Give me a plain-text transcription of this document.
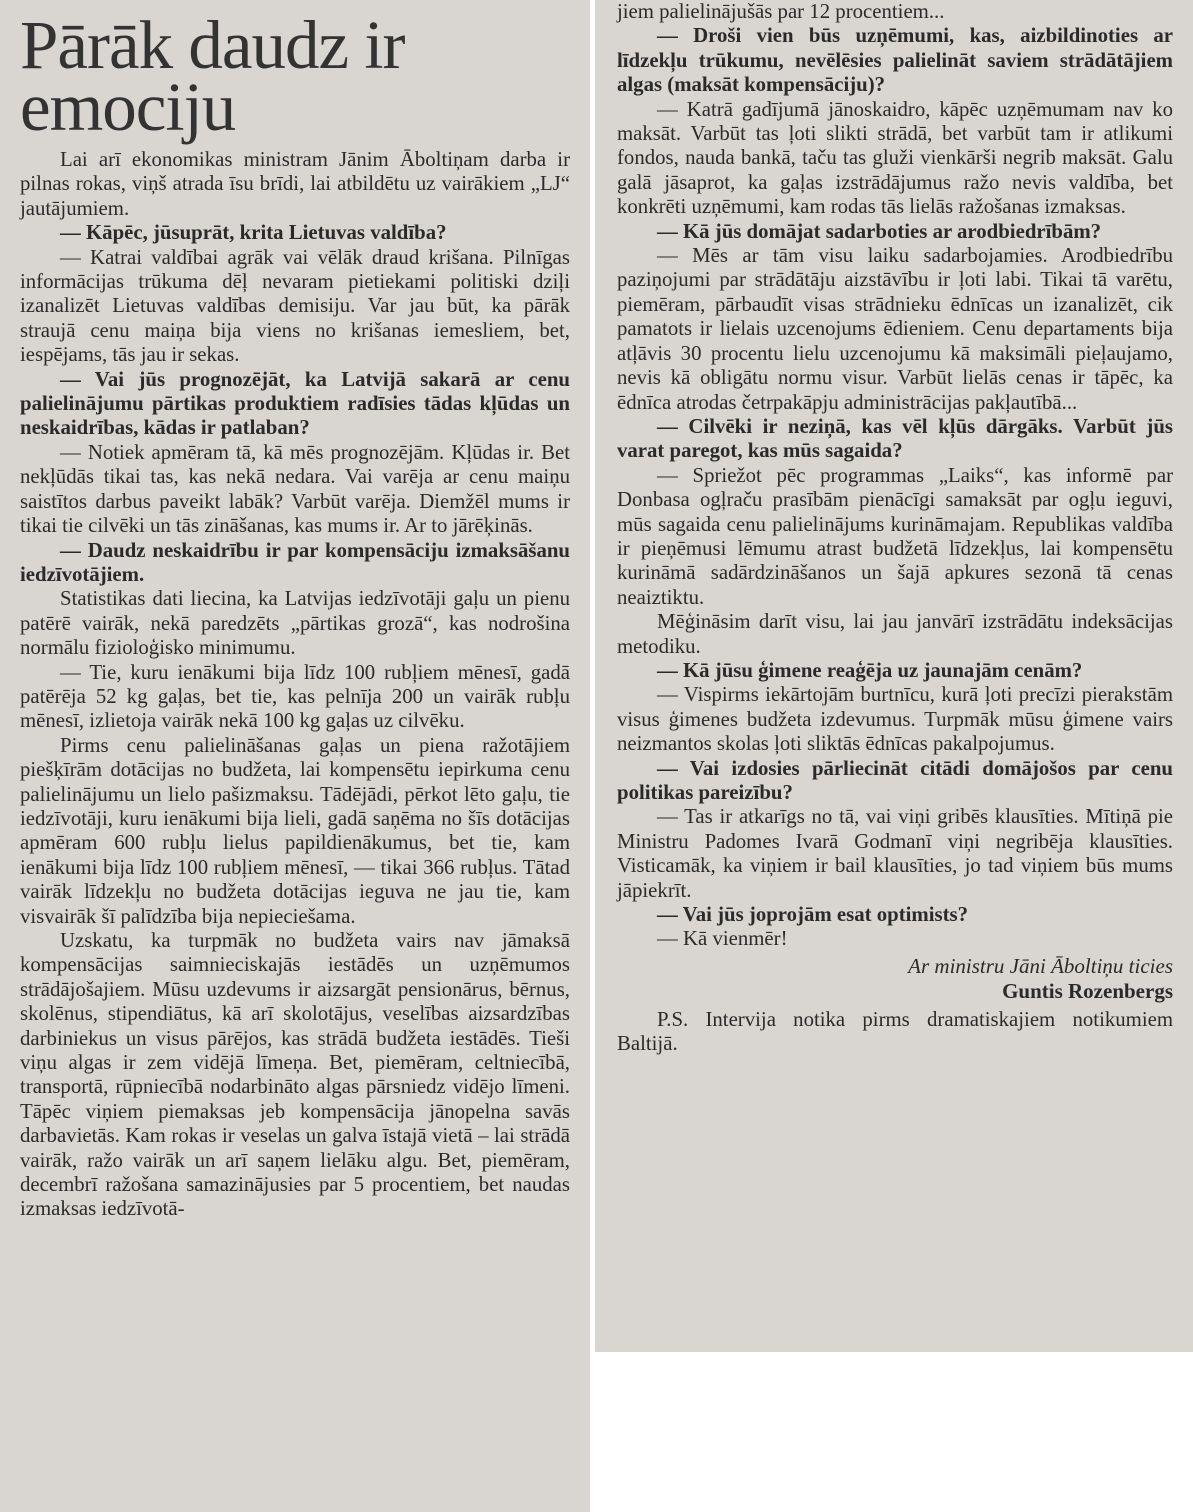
Pārāk daudz ir emociju

Lai arī ekonomikas ministram Jānim Āboltiņam darba ir pilnas rokas, viņš atrada īsu brīdi, lai atbildētu uz vairākiem „LJ“ jautājumiem.

— Kāpēc, jūsuprāt, krita Lietuvas valdība?

— Katrai valdībai agrāk vai vēlāk draud krišana. Pilnīgas informācijas trūkuma dēļ nevaram pietiekami politiski dziļi izanalizēt Lietuvas valdības demisiju. Var jau būt, ka pārāk straujā cenu maiņa bija viens no krišanas iemesliem, bet, iespējams, tās jau ir sekas.

— Vai jūs prognozējāt, ka Latvijā sakarā ar cenu palielinājumu pārtikas produktiem radīsies tādas kļūdas un neskaidrības, kādas ir patlaban?

— Notiek apmēram tā, kā mēs prognozējām. Kļūdas ir. Bet nekļūdās tikai tas, kas nekā nedara. Vai varēja ar cenu maiņu saistītos darbus paveikt labāk? Varbūt varēja. Diemžēl mums ir tikai tie cilvēki un tās zināšanas, kas mums ir. Ar to jārēķinās.

— Daudz neskaidrību ir par kompensāciju izmaksāšanu iedzīvotājiem.

Statistikas dati liecina, ka Latvijas iedzīvotāji gaļu un pienu patērē vairāk, nekā paredzēts „pārtikas grozā“, kas nodrošina normālu fizioloģisko minimumu.

— Tie, kuru ienākumi bija līdz 100 rubļiem mēnesī, gadā patērēja 52 kg gaļas, bet tie, kas pelnīja 200 un vairāk rubļu mēnesī, izlietoja vairāk nekā 100 kg gaļas uz cilvēku.

Pirms cenu palielināšanas gaļas un piena ražotājiem piešķīrām dotācijas no budžeta, lai kompensētu iepirkuma cenu palielinājumu un lielo pašizmaksu. Tādējādi, pērkot lēto gaļu, tie iedzīvotāji, kuru ienākumi bija lieli, gadā saņēma no šīs dotācijas apmēram 600 rubļu lielus papildienākumus, bet tie, kam ienākumi bija līdz 100 rubļiem mēnesī, — tikai 366 rubļus. Tātad vairāk līdzekļu no budžeta dotācijas ieguva ne jau tie, kam visvairāk šī palīdzība bija nepieciešama.

Uzskatu, ka turpmāk no budžeta vairs nav jāmaksā kompensācijas saimnieciskajās iestādēs un uzņēmumos strādājošajiem. Mūsu uzdevums ir aizsargāt pensionārus, bērnus, skolēnus, stipendiātus, kā arī skolotājus, veselības aizsardzības darbiniekus un visus pārējos, kas strādā budžeta iestādēs. Tieši viņu algas ir zem vidējā līmeņa. Bet, piemēram, celtniecībā, transportā, rūpniecībā nodarbināto algas pārsniedz vidējo līmeni. Tāpēc viņiem piemaksas jeb kompensācija jānopelna savās darbavietās. Kam rokas ir veselas un galva īstajā vietā – lai strādā vairāk, ražo vairāk un arī saņem lielāku algu. Bet, piemēram, decembrī ražošana samazinājusies par 5 procentiem, bet naudas izmaksas iedzīvotā-

jiem palielinājušās par 12 procentiem...

— Droši vien būs uzņēmumi, kas, aizbildinoties ar līdzekļu trūkumu, nevēlēsies palielināt saviem strādātājiem algas (maksāt kompensāciju)?

— Katrā gadījumā jānoskaidro, kāpēc uzņēmumam nav ko maksāt. Varbūt tas ļoti slikti strādā, bet varbūt tam ir atlikumi fondos, nauda bankā, taču tas gluži vienkārši negrib maksāt. Galu galā jāsaprot, ka gaļas izstrādājumus ražo nevis valdība, bet konkrēti uzņēmumi, kam rodas tās lielās ražošanas izmaksas.

— Kā jūs domājat sadarboties ar arodbiedrībām?

— Mēs ar tām visu laiku sadarbojamies. Arodbiedrību paziņojumi par strādātāju aizstāvību ir ļoti labi. Tikai tā varētu, piemēram, pārbaudīt visas strādnieku ēdnīcas un izanalizēt, cik pamatots ir lielais uzcenojums ēdieniem. Cenu departaments bija atļāvis 30 procentu lielu uzcenojumu kā maksimāli pieļaujamo, nevis kā obligātu normu visur. Varbūt lielās cenas ir tāpēc, ka ēdnīca atrodas četrpakāpju administrācijas pakļautībā...

— Cilvēki ir neziņā, kas vēl kļūs dārgāks. Varbūt jūs varat paregot, kas mūs sagaida?

— Spriežot pēc programmas „Laiks“, kas informē par Donbasa ogļraču prasībām pienācīgi samaksāt par ogļu ieguvi, mūs sagaida cenu palielinājums kurināmajam. Republikas valdība ir pieņēmusi lēmumu atrast budžetā līdzekļus, lai kompensētu kurināmā sadārdzināšanos un šajā apkures sezonā tā cenas neaiztiktu.

Mēģināsim darīt visu, lai jau janvārī izstrādātu indeksācijas metodiku.

— Kā jūsu ģimene reaģēja uz jaunajām cenām?

— Vispirms iekārtojām burtnīcu, kurā ļoti precīzi pierakstām visus ģimenes budžeta izdevumus. Turpmāk mūsu ģimene vairs neizmantos skolas ļoti sliktās ēdnīcas pakalpojumus.

— Vai izdosies pārliecināt citādi domājošos par cenu politikas pareizību?

— Tas ir atkarīgs no tā, vai viņi gribēs klausīties. Mītiņā pie Ministru Padomes Ivarā Godmanī viņi negribēja klausīties. Visticamāk, ka viņiem ir bail klausīties, jo tad viņiem būs mums jāpiekrīt.

— Vai jūs joprojām esat optimists?

— Kā vienmēr!

Ar ministru Jāni Āboltiņu ticies

Guntis Rozenbergs

P.S. Intervija notika pirms dramatiskajiem notikumiem Baltijā.
